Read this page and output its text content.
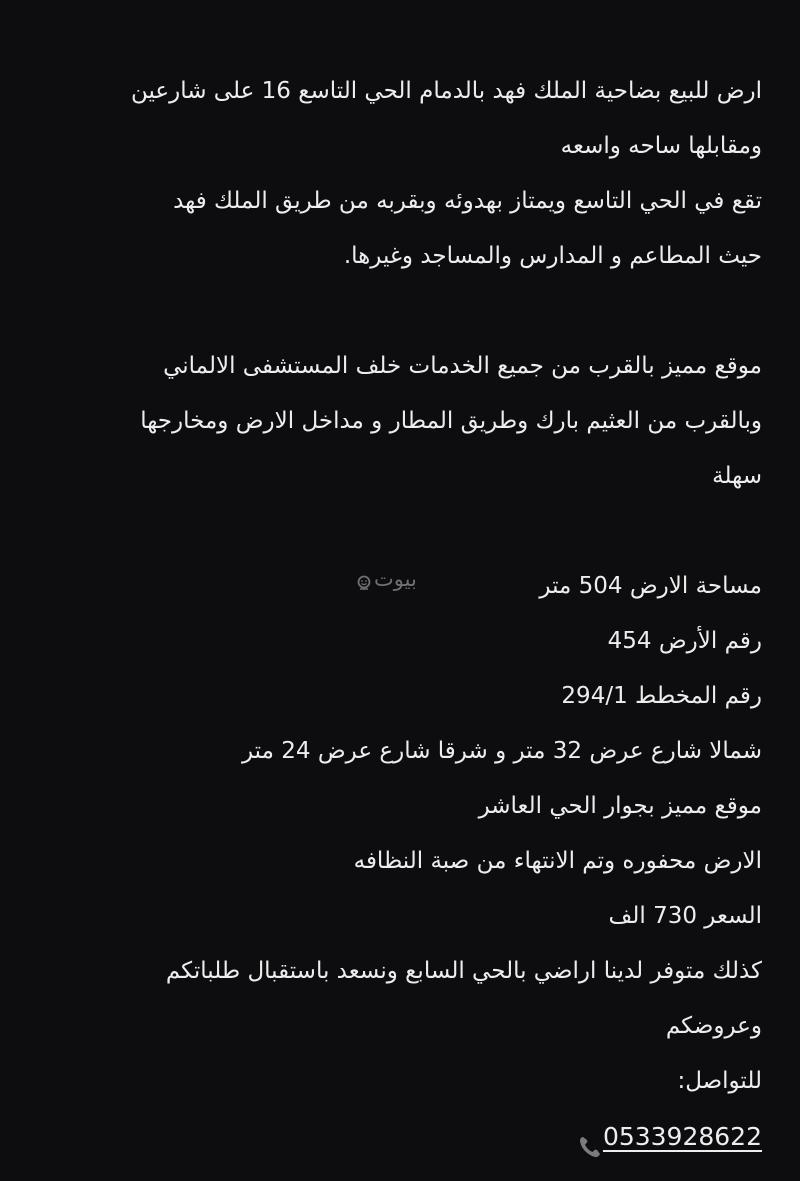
ارض للبيع بضاحية الملك فهد بالدمام الحي التاسع 16 على شارعين
ومقابلها ساحه واسعه
تقع في الحي التاسع ويمتاز بهدوئه وبقربه من طريق الملك فهد
حيث المطاعم و المدارس والمساجد وغيرها.
موقع مميز بالقرب من جميع الخدمات خلف المستشفى الالماني
وبالقرب من العثيم بارك وطريق المطار و مداخل الارض ومخارجها
سهلة
مساحة الارض 504 متر
رقم الأرض 454
رقم المخطط 294/1
شمالا شارع عرض 32 متر و شرقا شارع عرض 24 متر
موقع مميز بجوار الحي العاشر
الارض محفوره وتم الانتهاء من صبة النظافه
السعر 730 الف
كذلك متوفر لدينا اراضي بالحي السابع ونسعد باستقبال طلباتكم
وعروضكم
للتواصل:
0533928622
بيوت
